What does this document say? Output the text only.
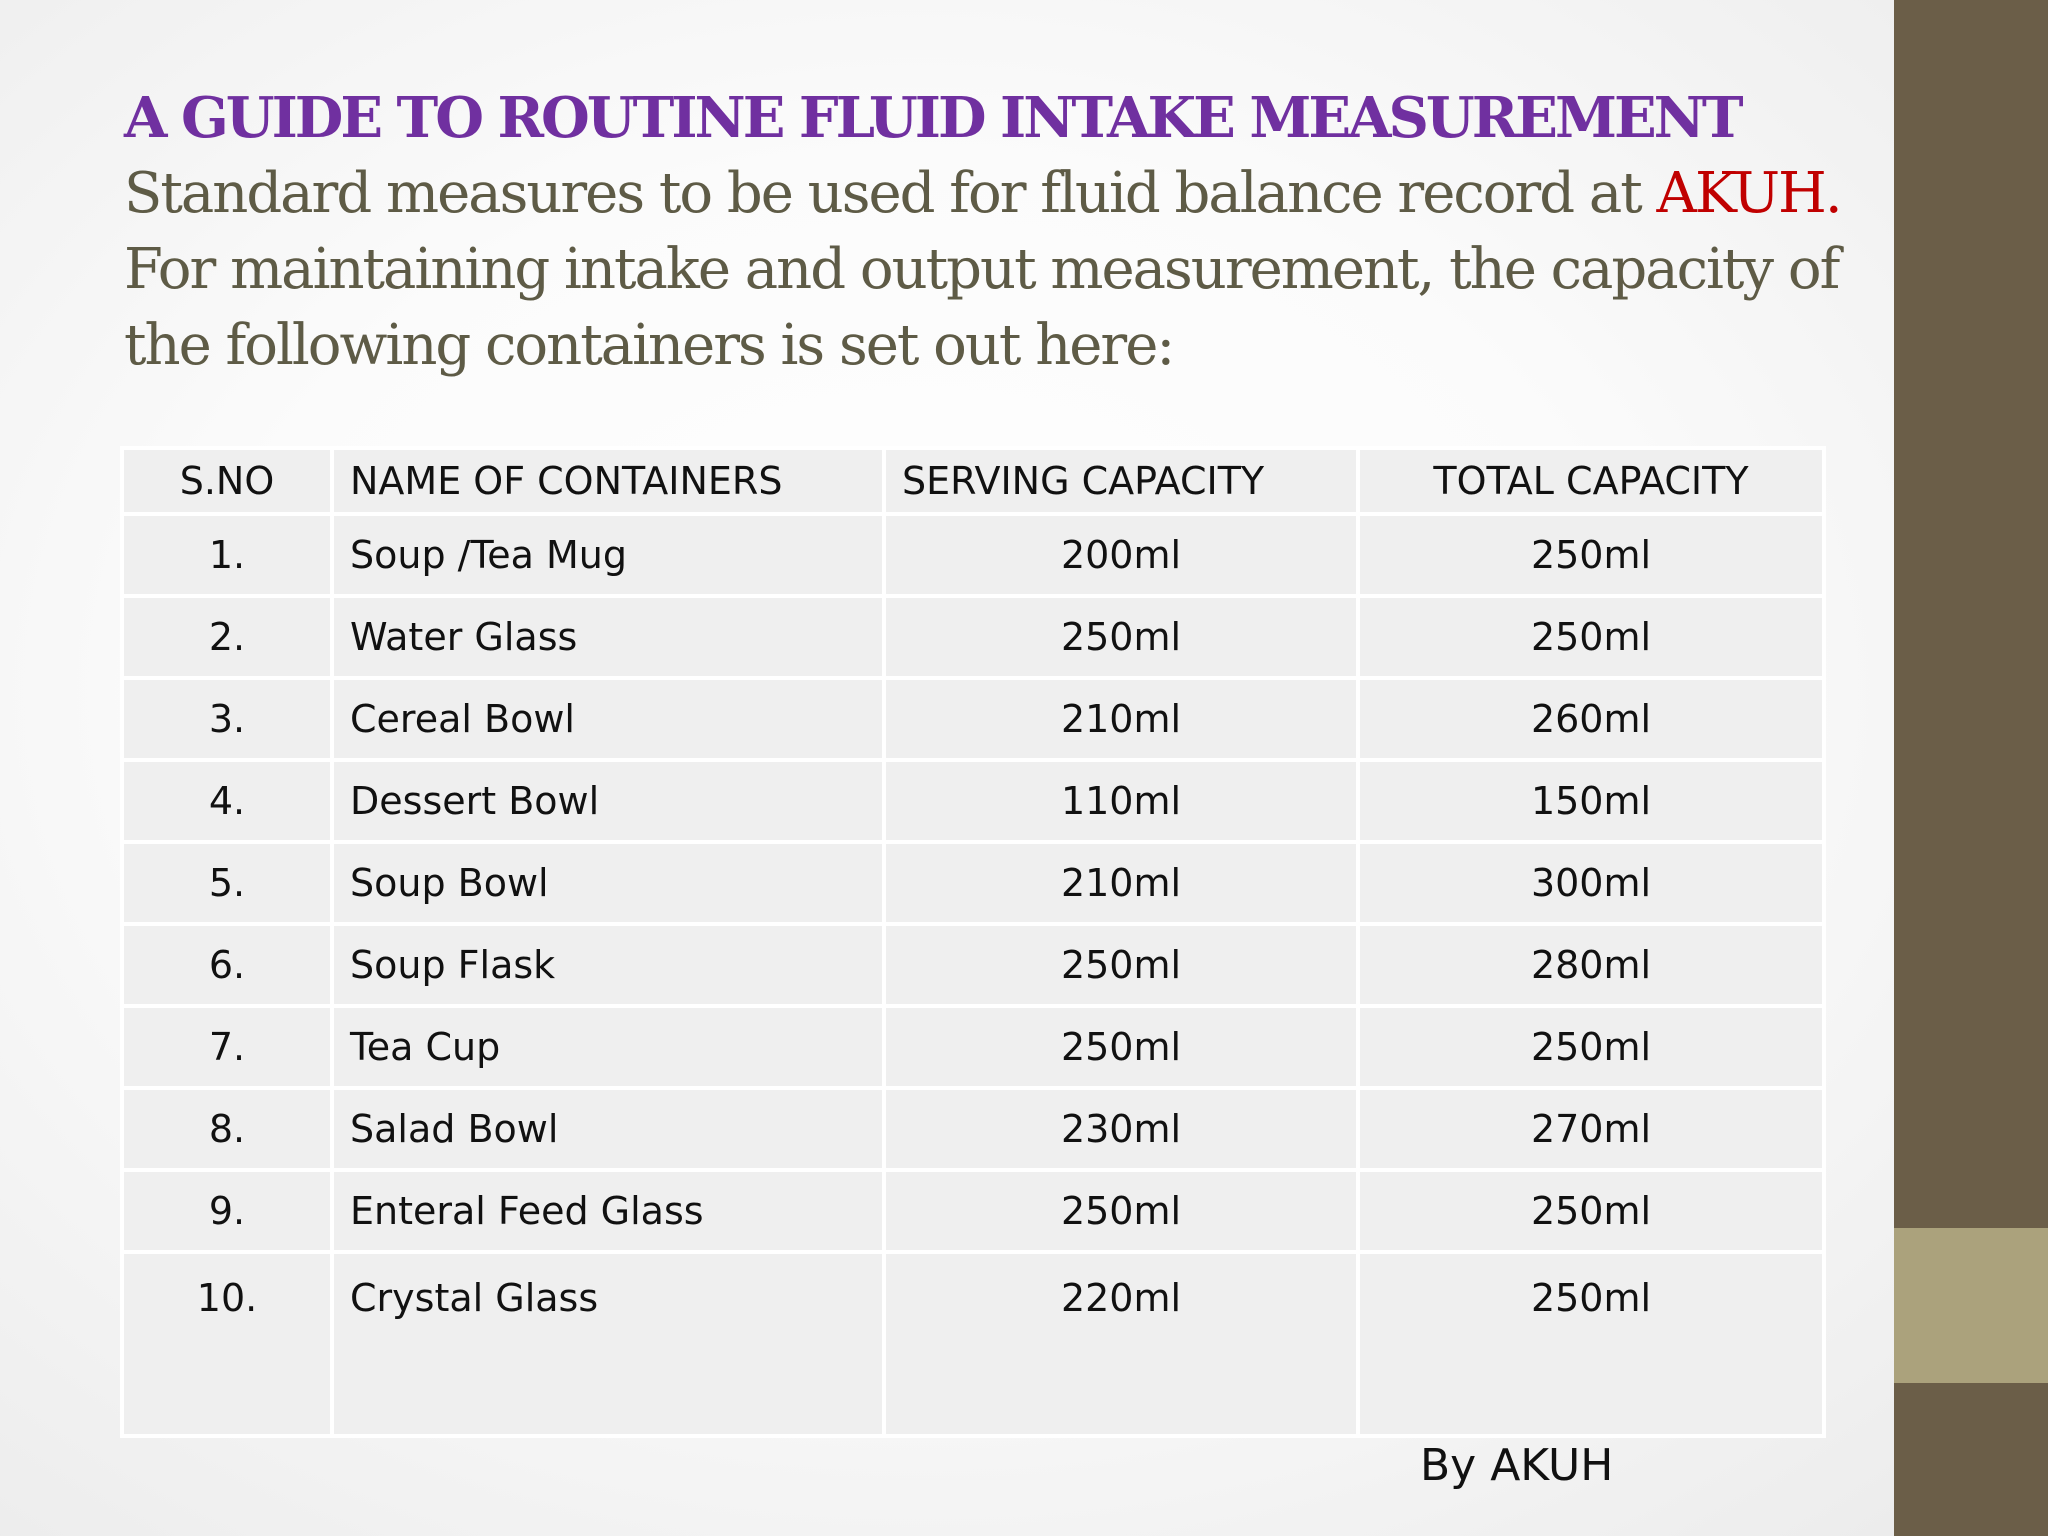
A GUIDE TO ROUTINE FLUID INTAKE MEASUREMENT

Standard measures to be used for fluid balance record at AKUH.

For maintaining intake and output measurement, the capacity of the following containers is set out here:

S.NO	NAME OF CONTAINERS	SERVING CAPACITY	TOTAL CAPACITY
1.	Soup /Tea Mug	200ml	250ml
2.	Water Glass	250ml	250ml
3.	Cereal Bowl	210ml	260ml
4.	Dessert Bowl	110ml	150ml
5.	Soup Bowl	210ml	300ml
6.	Soup Flask	250ml	280ml
7.	Tea Cup	250ml	250ml
8.	Salad Bowl	230ml	270ml
9.	Enteral Feed Glass	250ml	250ml
10.	Crystal Glass	220ml	250ml
By AKUH
